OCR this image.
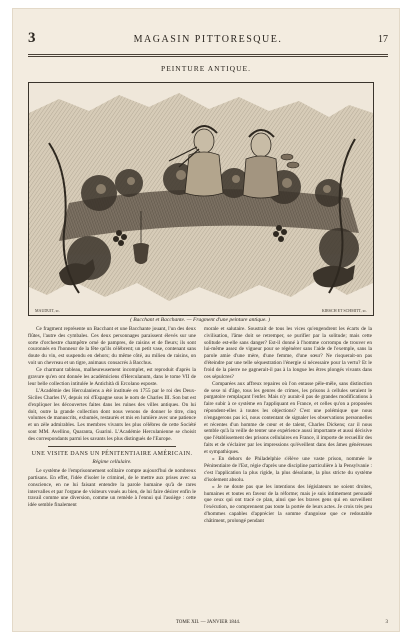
3	MAGASIN PITTORESQUE.	17
PEINTURE ANTIQUE.
MAUDUIT, sc.	KIRSCH ET SCHMITT, sc.
( Bacchant et Bacchante. — Fragment d'une peinture antique. )

Ce fragment représente un Bacchant et une Bacchante jouant, l'un des deux flûtes, l'autre des cymbales. Ces deux personnages paraissent élevés sur une sorte d'orchestre champêtre orné de pampres, de raisins et de fleurs; ils sont couronnés en l'honneur de la fête qu'ils célèbrent; un petit vase, contenant sans doute du vin, est suspendu en dehors; du même côté, au milieu de raisins, on voit un chevreau et un tigre, animaux consacrés à Bacchus.

Ce charmant tableau, malheureusement incomplet, est reproduit d'après la gravure qu'en ont donnée les académiciens d'Herculanum, dans le tome VII de leur belle collection intitulée le Antichità di Ercolano esposte.

L'Académie des Herculaniens a été instituée en 1755 par le roi des Deux-Siciles Charles IV, depuis roi d'Espagne sous le nom de Charles III. Son but est d'expliquer les découvertes faites dans les ruines des villes antiques. On lui doit, outre la grande collection dont nous venons de donner le titre, cinq volumes de manuscrits, exhumés, restaurés et mis en lumière avec une patience et un zèle admirables. Les membres vivants les plus célèbres de cette Société sont MM. Avellino, Quaranta, Guarini. L'Académie Herculanienne se choisit des correspondants parmi les savants les plus distingués de l'Europe.

UNE VISITE DANS UN PÉNITENTIAIRE AMÉRICAIN.
Régime cellulaire.

Le système de l'emprisonnement solitaire compte aujourd'hui de nombreux partisans. En effet, l'idée d'isoler le criminel, de le mettre aux prises avec sa conscience, en ne lui faisant entendre la parole humaine qu'à de rares intervalles et par l'organe de visiteurs voués au bien, de lui faire désirer enfin le travail comme une diversion, comme un remède à l'ennui qui l'assiège : cette idée semble finalement

morale et salutaire. Soustrait de tous les vices qu'engendrent les écarts de la civilisation, l'âme doit se retremper, se purifier par la solitude; mais cette solitude est-elle sans danger? Est-il donné à l'homme corrompu de trouver en lui-même assez de vigueur pour se régénérer sans l'aide de l'exemple, sans la parole amie d'une mère, d'une femme, d'une sœur? Ne risquerait-on pas d'éteindre par une telle séquestration l'énergie si nécessaire pour la vertu? Et le froid de la pierre ne gagnerait-il pas à la longue les êtres plongés vivants dans ces sépulcres?

Comparées aux affreux repaires où l'on entasse pêle-mêle, sans distinction de sexe ni d'âge, tous les genres de crimes, les prisons à cellules seraient le purgatoire remplaçant l'enfer. Mais n'y aurait-il pas de grandes modifications à faire subir à ce système en l'appliquant en France, et celles qu'on a proposées répondent-elles à toutes les objections? C'est une polémique que nous n'engagerons pas ici, nous contentant de signaler les observations personnelles et récentes d'un homme de cœur et de talent, Charles Dickens; car il nous semble qu'à la veille de tenter une expérience aussi importante et aussi décisive que l'établissement des prisons cellulaires en France, il importe de recueillir des faits et de s'éclairer par les impressions qu'éveillent dans des âmes généreuses et sympathiques.

« En dehors de Philadelphie s'élève une vaste prison, nommée le Pénitentiaire de l'Est, régie d'après une discipline particulière à la Pensylvanie : c'est l'application la plus rigide, la plus désolante, la plus stricte du système d'isolement absolu.

» Je ne doute pas que les intentions des législateurs ne soient droites, humaines et toutes en faveur de la réforme; mais je suis intimement persuadé que ceux qui ont tracé ce plan, ainsi que les braves gens qui en surveillent l'exécution, ne comprennent pas toute la portée de leurs actes. Je crois très peu d'hommes capables d'apprécier la somme d'angoisse que ce redoutable châtiment, prolongé pendant

TOME XII. — JANVIER 1844.	3
